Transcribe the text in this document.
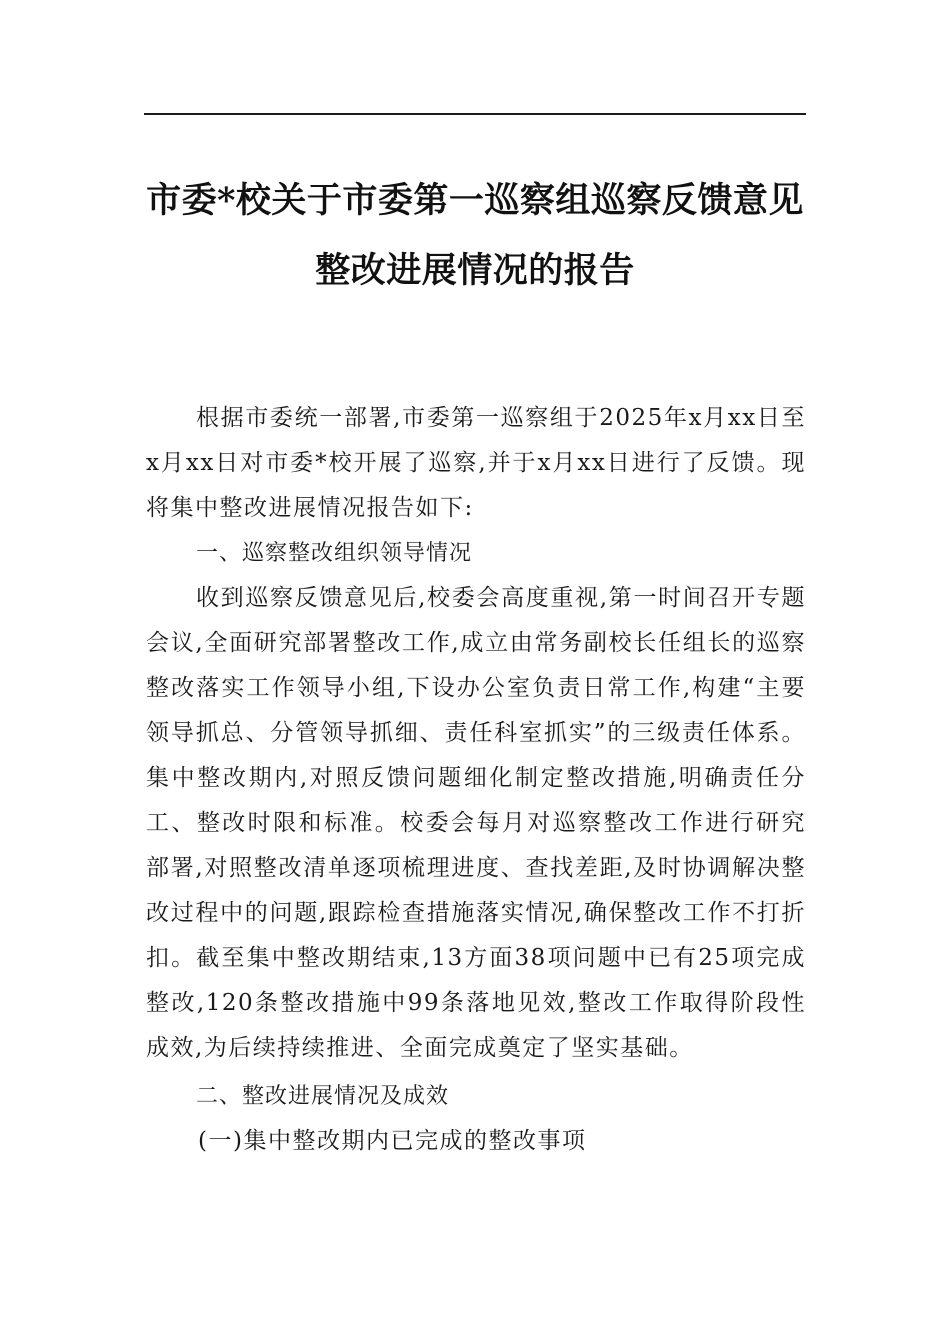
市委*校关于市委第一巡察组巡察反馈意见
整改进展情况的报告

根据市委统一部署,市委第一巡察组于2025年x月xx日至x月xx日对市委*校开展了巡察,并于x月xx日进行了反馈。现将集中整改进展情况报告如下:

一、巡察整改组织领导情况

收到巡察反馈意见后,校委会高度重视,第一时间召开专题会议,全面研究部署整改工作,成立由常务副校长任组长的巡察整改落实工作领导小组,下设办公室负责日常工作,构建“主要领导抓总、分管领导抓细、责任科室抓实”的三级责任体系。集中整改期内,对照反馈问题细化制定整改措施,明确责任分工、整改时限和标准。校委会每月对巡察整改工作进行研究部署,对照整改清单逐项梳理进度、查找差距,及时协调解决整改过程中的问题,跟踪检查措施落实情况,确保整改工作不打折扣。截至集中整改期结束,13方面38项问题中已有25项完成整改,120条整改措施中99条落地见效,整改工作取得阶段性成效,为后续持续推进、全面完成奠定了坚实基础。

二、整改进展情况及成效

(一)集中整改期内已完成的整改事项
